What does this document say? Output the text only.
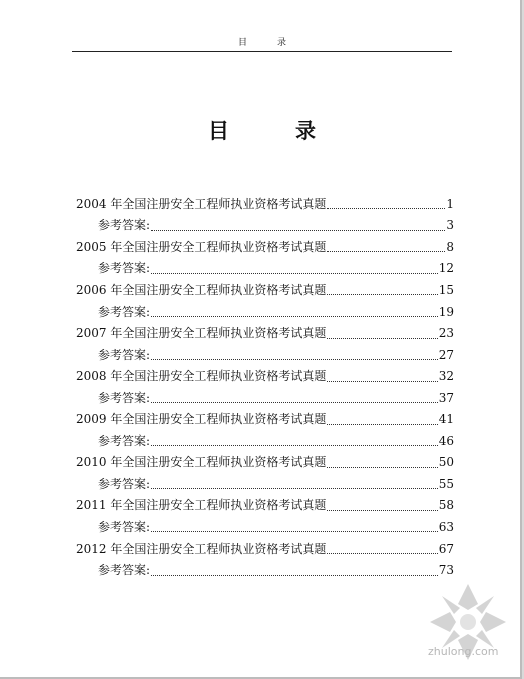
目	录
目	录
2004 年全国注册安全工程师执业资格考试真题	1
参考答案:	3
2005 年全国注册安全工程师执业资格考试真题	8
参考答案:	12
2006 年全国注册安全工程师执业资格考试真题	15
参考答案:	19
2007 年全国注册安全工程师执业资格考试真题	23
参考答案:	27
2008 年全国注册安全工程师执业资格考试真题	32
参考答案:	37
2009 年全国注册安全工程师执业资格考试真题	41
参考答案:	46
2010 年全国注册安全工程师执业资格考试真题	50
参考答案:	55
2011 年全国注册安全工程师执业资格考试真题	58
参考答案:	63
2012 年全国注册安全工程师执业资格考试真题	67
参考答案:	73
zhulong.com
